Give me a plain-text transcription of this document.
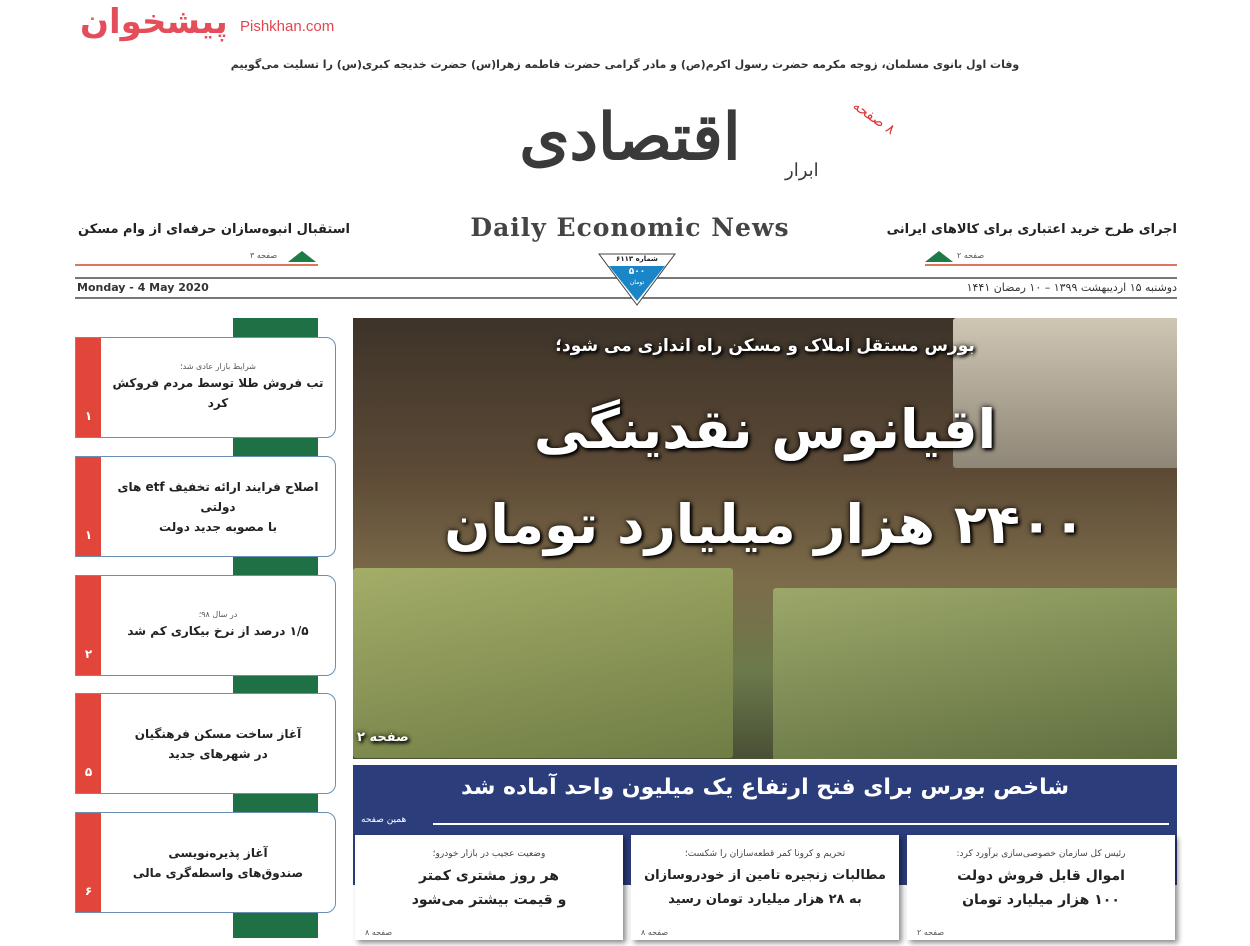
پیشخوان Pishkhan.com
وفات اول بانوی مسلمان، زوجه مکرمه حضرت رسول اکرم(ص) و مادر گرامی حضرت فاطمه زهرا(س) حضرت خدیجه کبری(س) را تسلیت می‌گوییم
اقتصادی	ابرار
۸ صفحه
Daily Economic News
استقبال انبوه‌سازان حرفه‌ای از وام مسکن
صفحه ۳
اجرای طرح خرید اعتباری برای کالاهای ایرانی
صفحه ۲
Monday - 4 May 2020	دوشنبه ۱۵ اردیبهشت ۱۳۹۹ – ۱۰ رمضان ۱۴۴۱
شماره ۶۱۱۳
۵۰۰
تومان
بورس مستقل املاک و مسکن راه اندازی می شود؛
اقیانوس نقدینگی
۲۴۰۰ هزار میلیارد تومان
صفحه ۲
شاخص بورس برای فتح ارتفاع یک میلیون واحد آماده شد
همین صفحه
وضعیت عجیب در بازار خودرو؛
هر روز مشتری کمتر
و قیمت بیشتر می‌شود
صفحه ۸
تحریم و کرونا کمر قطعه‌سازان را شکست؛
مطالبات زنجیره تامین از خودروسازان
به ۲۸ هزار میلیارد تومان رسید
صفحه ۸
رئیس کل سازمان خصوصی‌سازی برآورد کرد:
اموال قابل فروش دولت
۱۰۰ هزار میلیارد تومان
صفحه ۲
۱
شرایط بازار عادی شد؛
تب فروش طلا توسط مردم فروکش کرد
۱
اصلاح فرایند ارائه تخفیف etf های دولتی
با مصوبه جدید دولت
۲
در سال ۹۸؛
۱/۵ درصد از نرخ بیکاری کم شد
۵
آغاز ساخت مسکن فرهنگیان
در شهرهای جدید
۶
آغاز پذیره‌نویسی
صندوق‌های واسطه‌گری مالی
